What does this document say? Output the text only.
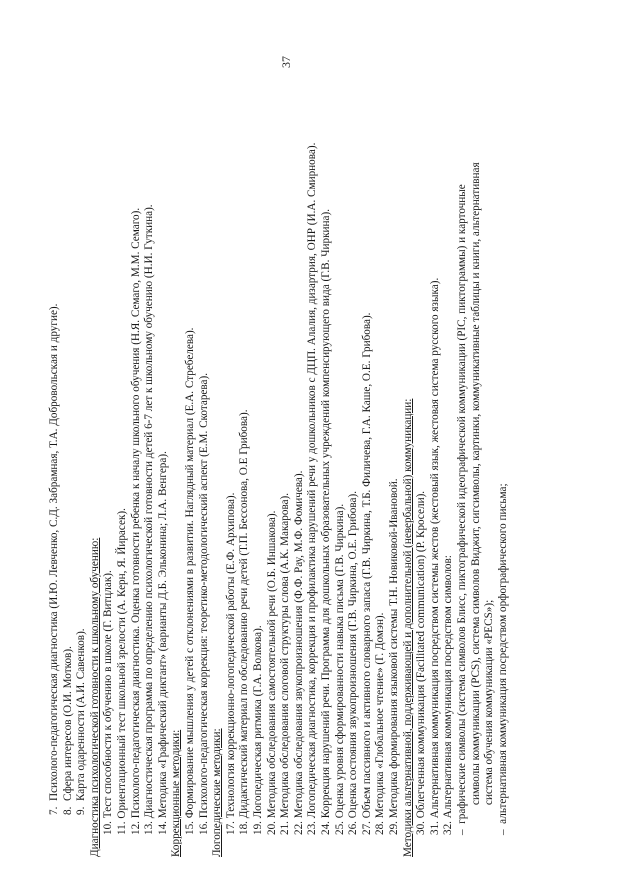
37
7.  Психолого-педагогическая диагностика (И.Ю. Левченко, С.Д. Забрамная, Т.А. Добровольская и другие). 8.  Сфера интересов (О.И. Мотков). 9.  Карта одаренности (А.И. Савенков). Диагностика психологической готовности к школьному обучению: 10. Тест способности к обучению в школе (Г. Витцлак). 11. Ориентационный тест школьной зрелости (А. Керн, Я. Йирасек). 12. Психолого-педагогическая диагностика. Оценка готовности ребенка к началу школьного обучения (Н.Я. Семаго, М.М. Семаго). 13. Диагностическая программа по определению психологической готовности детей 6-7 лет к школьному обучению (Н.И. Гуткина). 14. Методика «Графический диктант» (варианты Д.Б. Эльконина; Л.А. Венгера). Коррекционные методики: 15. Формирование мышления у детей с отклонениями в развитии. Наглядный материал (Е.А. Стребелева). 16. Психолого-педагогическая коррекция: теоретико-методологический аспект (Е.М. Скотарева). Логопедические методики: 17. Технология коррекционно-логопедической работы (Е.Ф. Архипова). 18. Дидактический материал по обследованию речи детей (Т.П. Бессонова, О.Е Грибова). 19. Логопедическая ритмика (Г.А. Волкова). 20. Методика обследования самостоятельной речи (О.Б. Иншакова). 21. Методика обследования слоговой структуры слова (А.К. Макарова). 22. Методика обследования звукопроизношения (Ф.Ф. Рау, М.Ф. Фомичева). 23. Логопедическая диагностика, коррекция и профилактика нарушений речи у дошкольников с ДЦП. Алалия, дизартрия, ОНР (И.А. Смирнова). 24. Коррекция нарушений речи. Программа для дошкольных образовательных учреждений компенсирующего вида (Г.В. Чиркина). 25. Оценка уровня сформированности навыка письма (Г.В. Чиркина). 26. Оценка состояния звукопроизношения (Г.В. Чиркина, О.Е. Грибова). 27. Объем пассивного и активного словарного запаса (Г.В. Чиркина, Т.Б. Филичева, Г.А. Каше, О.Е. Грибова). 28. Методика «Глобальное чтение» (Г. Домэн). 29. Методика формирования языковой системы Т.Н. Новиковой-Ивановой. Методики альтернативной, поддерживающей и дополнительной (невербальной) коммуникации: 30. Облегченная коммуникация (Facilitated communication) (Р. Кросели). 31. Альтернативная коммуникация посредством системы жестов (жестовый язык, жестовая система русского языка). 32. Альтернативная коммуникация посредством символов: –  графические символы (система символов Блисс, пиктографической идеографической коммуникации (PIC, пиктограммы) и карточные символы коммуникации (PCS), система символов Виджит, сигсимволы, картинки, коммуникативные таблицы и книги, альтернативная система обучения коммуникации «PECS»); –  альтернативная коммуникация посредством орфографического письма;
